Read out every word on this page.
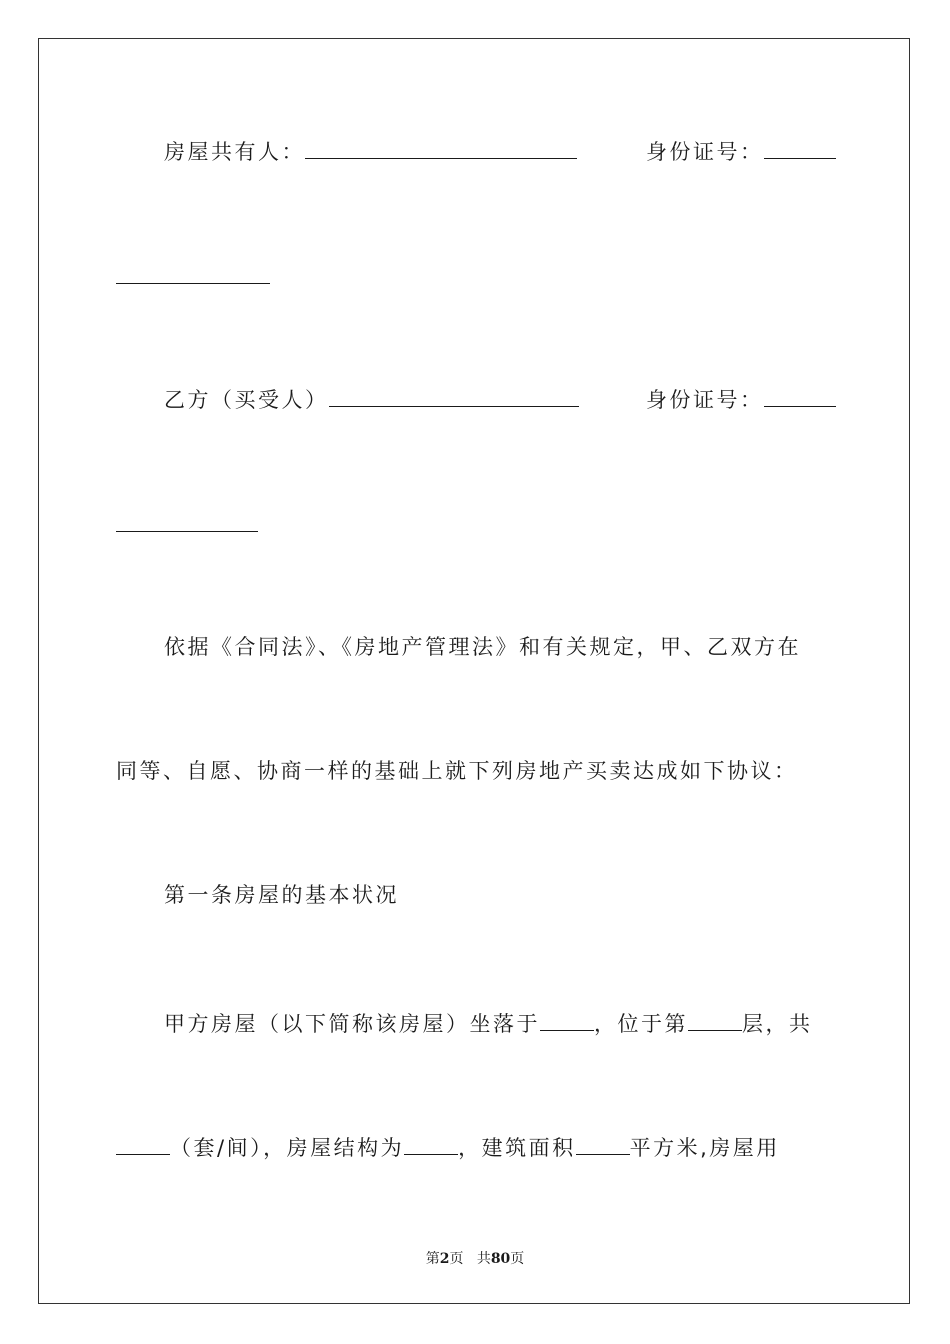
房屋共有人：	身份证号：
乙方（买受人）	身份证号：
依据《合同法》、《房地产管理法》和有关规定，甲、乙双方在
同等、自愿、协商一样的基础上就下列房地产买卖达成如下协议：
第一条房屋的基本状况
甲方房屋（以下简称该房屋）坐落于	，位于第	层，共
（套/间），房屋结构为	，建筑面积	平方米,房屋用
第2页 共80页
